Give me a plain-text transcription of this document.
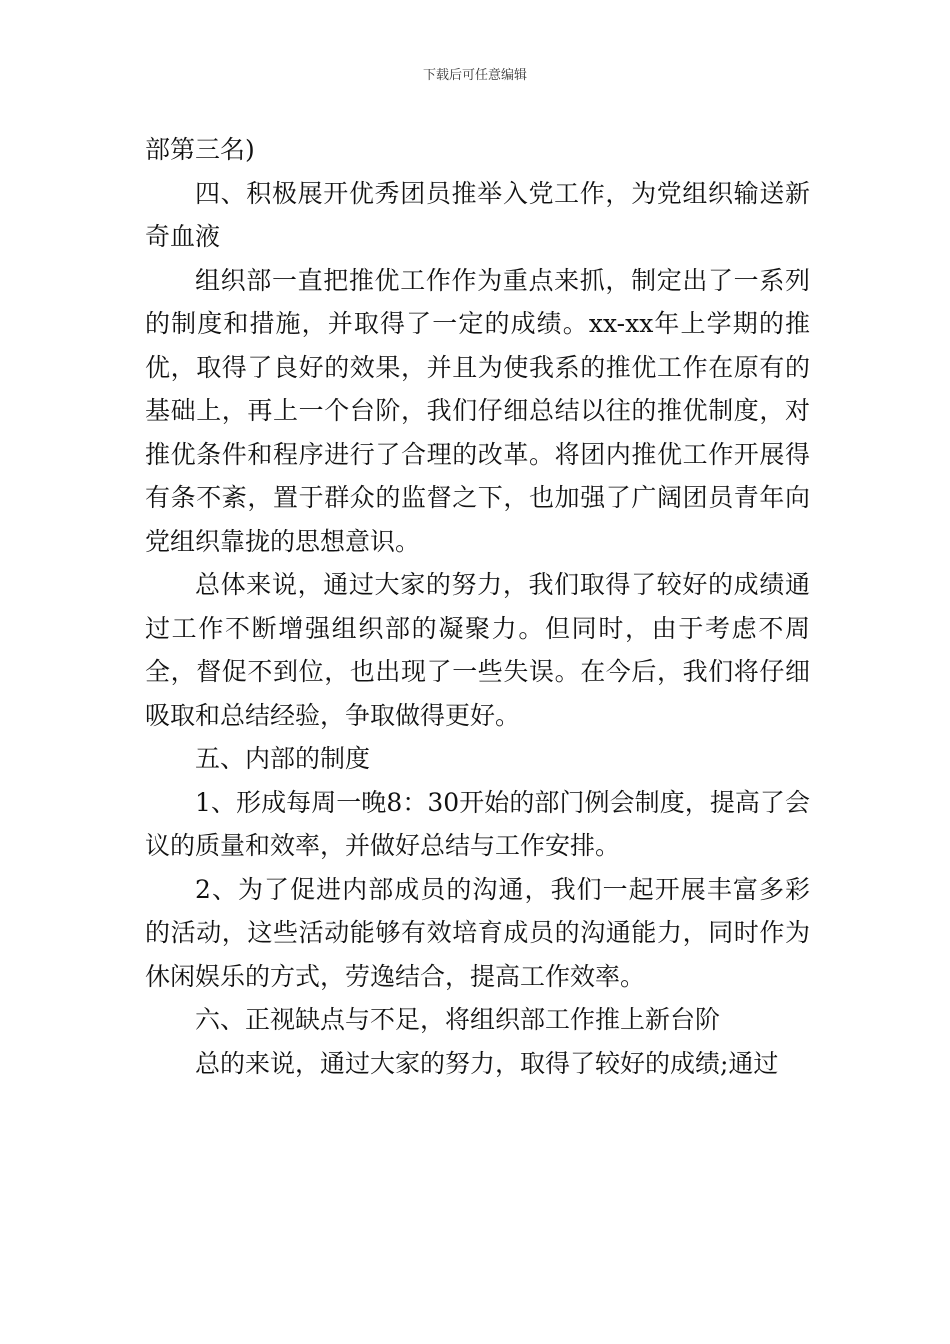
下载后可任意编辑

部第三名)

四、积极展开优秀团员推举入党工作，为党组织输送新奇血液

组织部一直把推优工作作为重点来抓，制定出了一系列的制度和措施，并取得了一定的成绩。xx-xx年上学期的推优，取得了良好的效果，并且为使我系的推优工作在原有的基础上，再上一个台阶，我们仔细总结以往的推优制度，对推优条件和程序进行了合理的改革。将团内推优工作开展得有条不紊，置于群众的监督之下，也加强了广阔团员青年向党组织靠拢的思想意识。

总体来说，通过大家的努力，我们取得了较好的成绩通过工作不断增强组织部的凝聚力。但同时，由于考虑不周全，督促不到位，也出现了一些失误。在今后，我们将仔细吸取和总结经验，争取做得更好。

五、内部的制度

1、形成每周一晚8：30开始的部门例会制度，提高了会议的质量和效率，并做好总结与工作安排。

2、为了促进内部成员的沟通，我们一起开展丰富多彩的活动，这些活动能够有效培育成员的沟通能力，同时作为休闲娱乐的方式，劳逸结合，提高工作效率。

六、正视缺点与不足，将组织部工作推上新台阶

总的来说，通过大家的努力，取得了较好的成绩;通过
